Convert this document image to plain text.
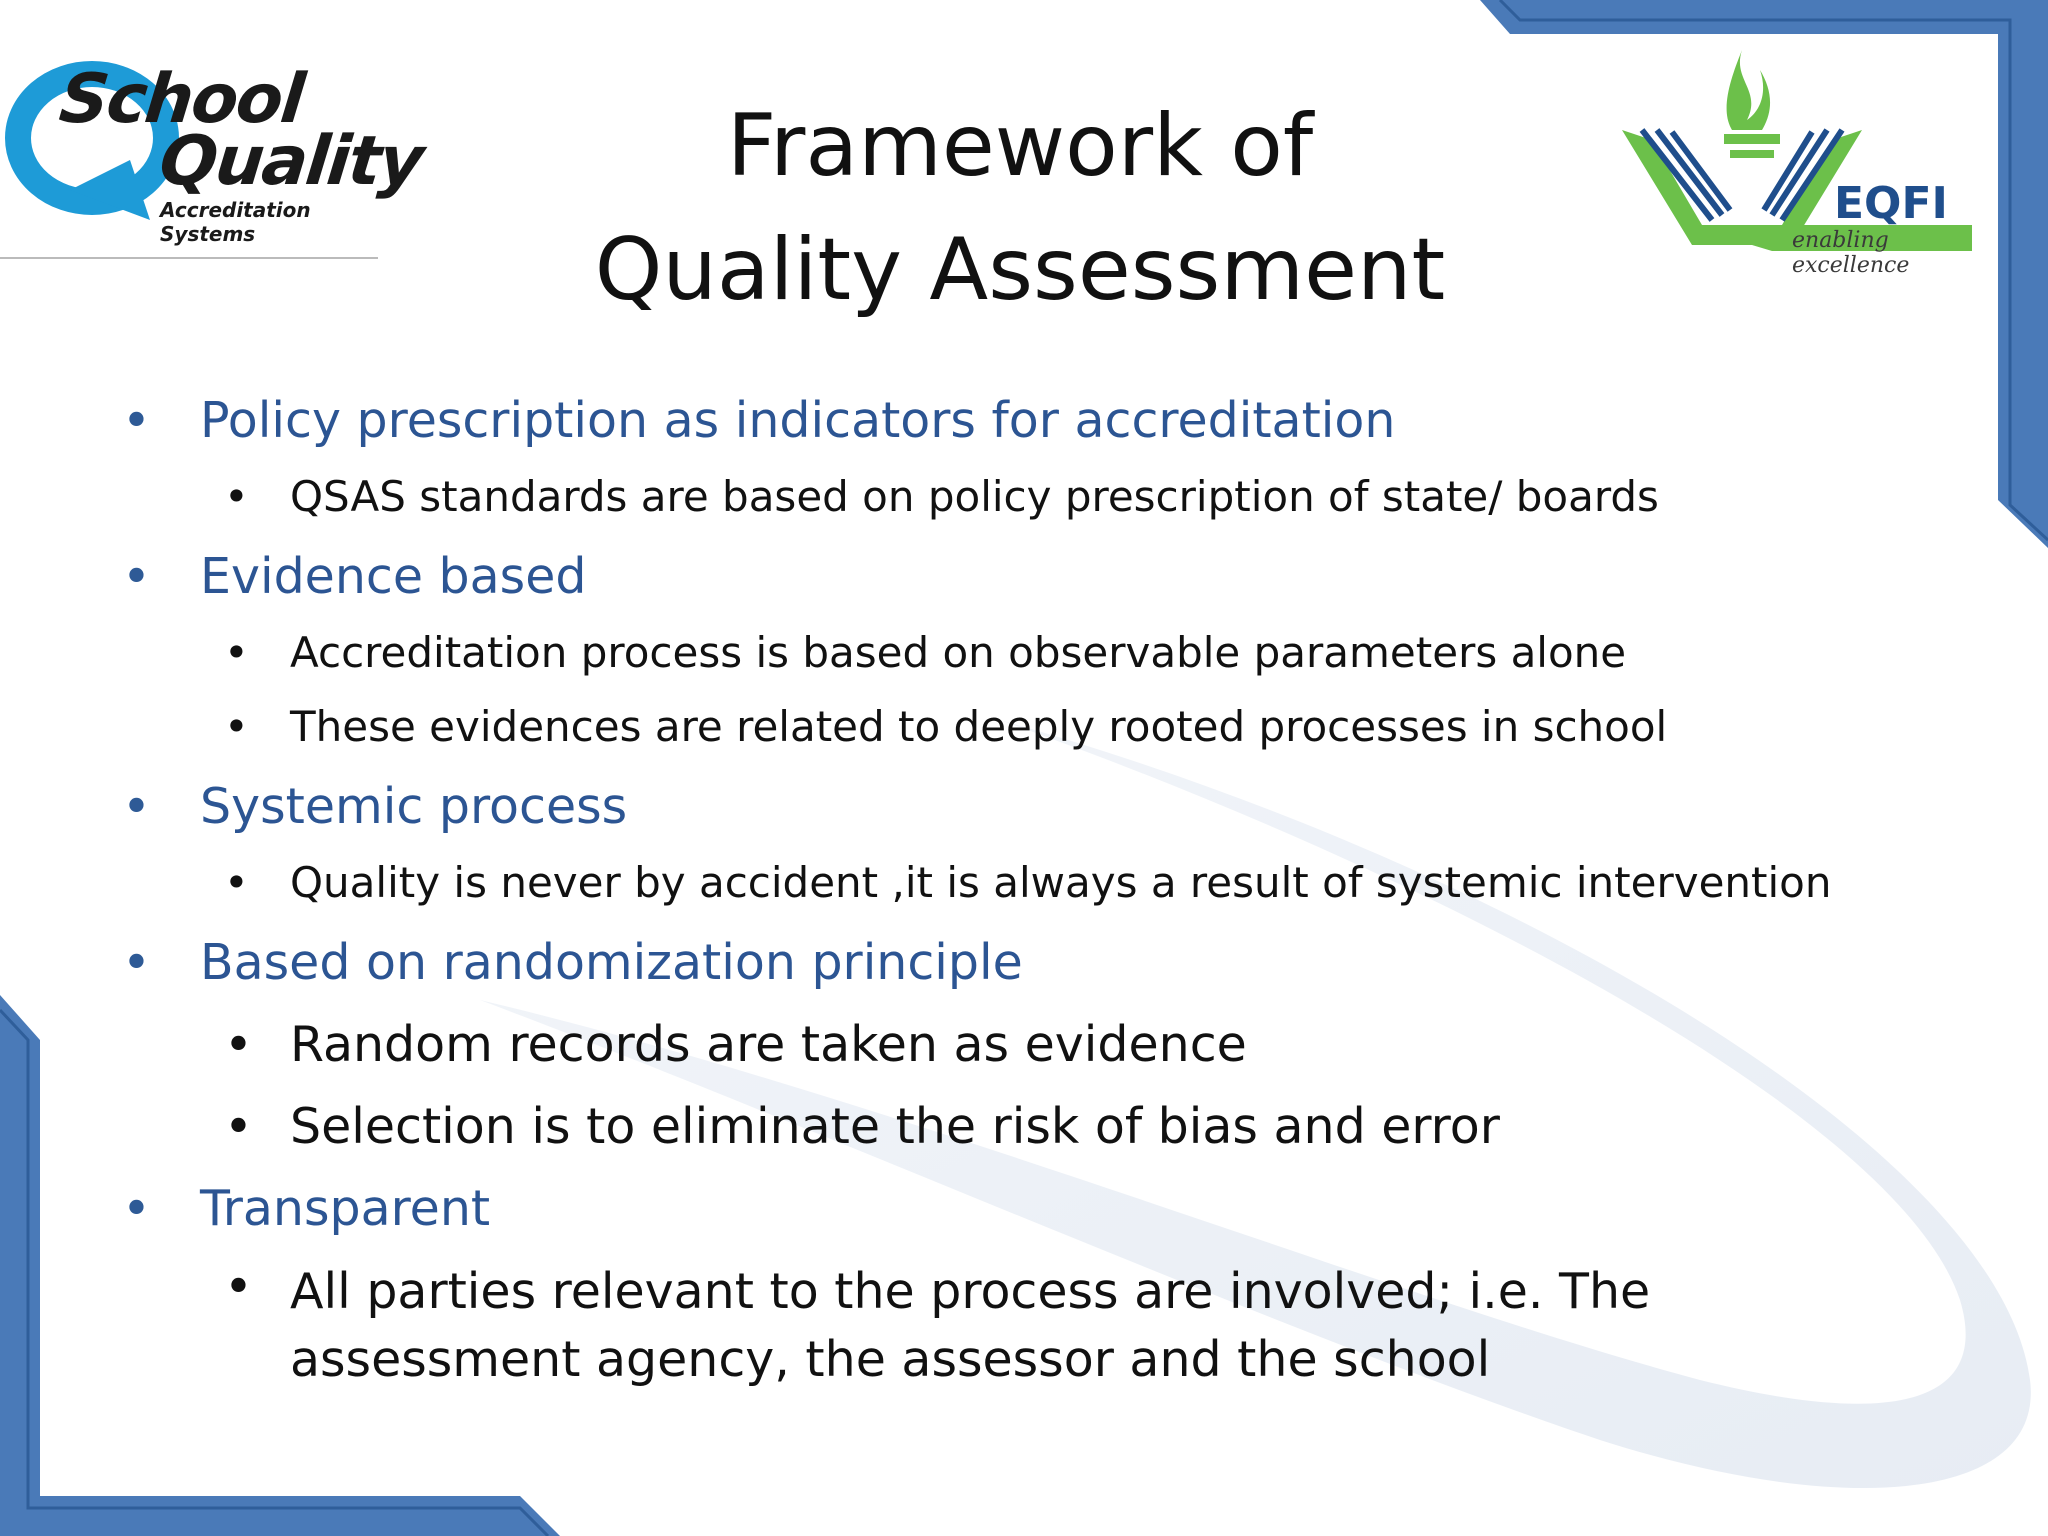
School
Quality
Accreditation Systems
EQFI
enabling excellence
Framework of
Quality Assessment
• Policy prescription as indicators for accreditation
• QSAS standards are based on policy prescription of state/ boards
• Evidence based
• Accreditation process is based on observable parameters alone
• These evidences are related to deeply rooted processes in school
• Systemic process
• Quality is never by accident ,it is always a result of systemic intervention
• Based on randomization principle
• Random records are taken as evidence
• Selection is to eliminate the risk of bias and error
• Transparent
• All parties relevant to the process are involved; i.e. The assessment agency, the assessor and the school
